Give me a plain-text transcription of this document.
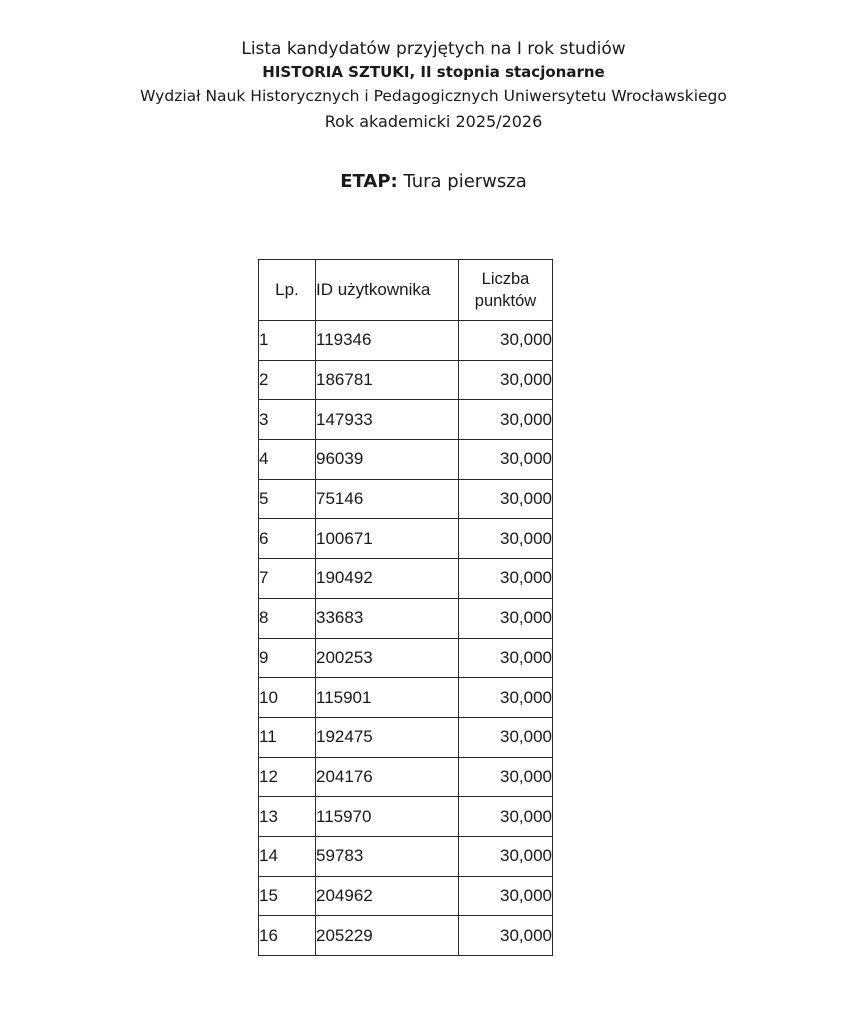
Lista kandydatów przyjętych na I rok studiów
HISTORIA SZTUKI, II stopnia stacjonarne
Wydział Nauk Historycznych i Pedagogicznych Uniwersytetu Wrocławskiego
Rok akademicki 2025/2026
ETAP: Tura pierwsza
Lp.	ID użytkownika	Liczba
punktów

1	119346	30,000
2	186781	30,000
3	147933	30,000
4	96039	30,000
5	75146	30,000
6	100671	30,000
7	190492	30,000
8	33683	30,000
9	200253	30,000
10	115901	30,000
11	192475	30,000
12	204176	30,000
13	115970	30,000
14	59783	30,000
15	204962	30,000
16	205229	30,000
